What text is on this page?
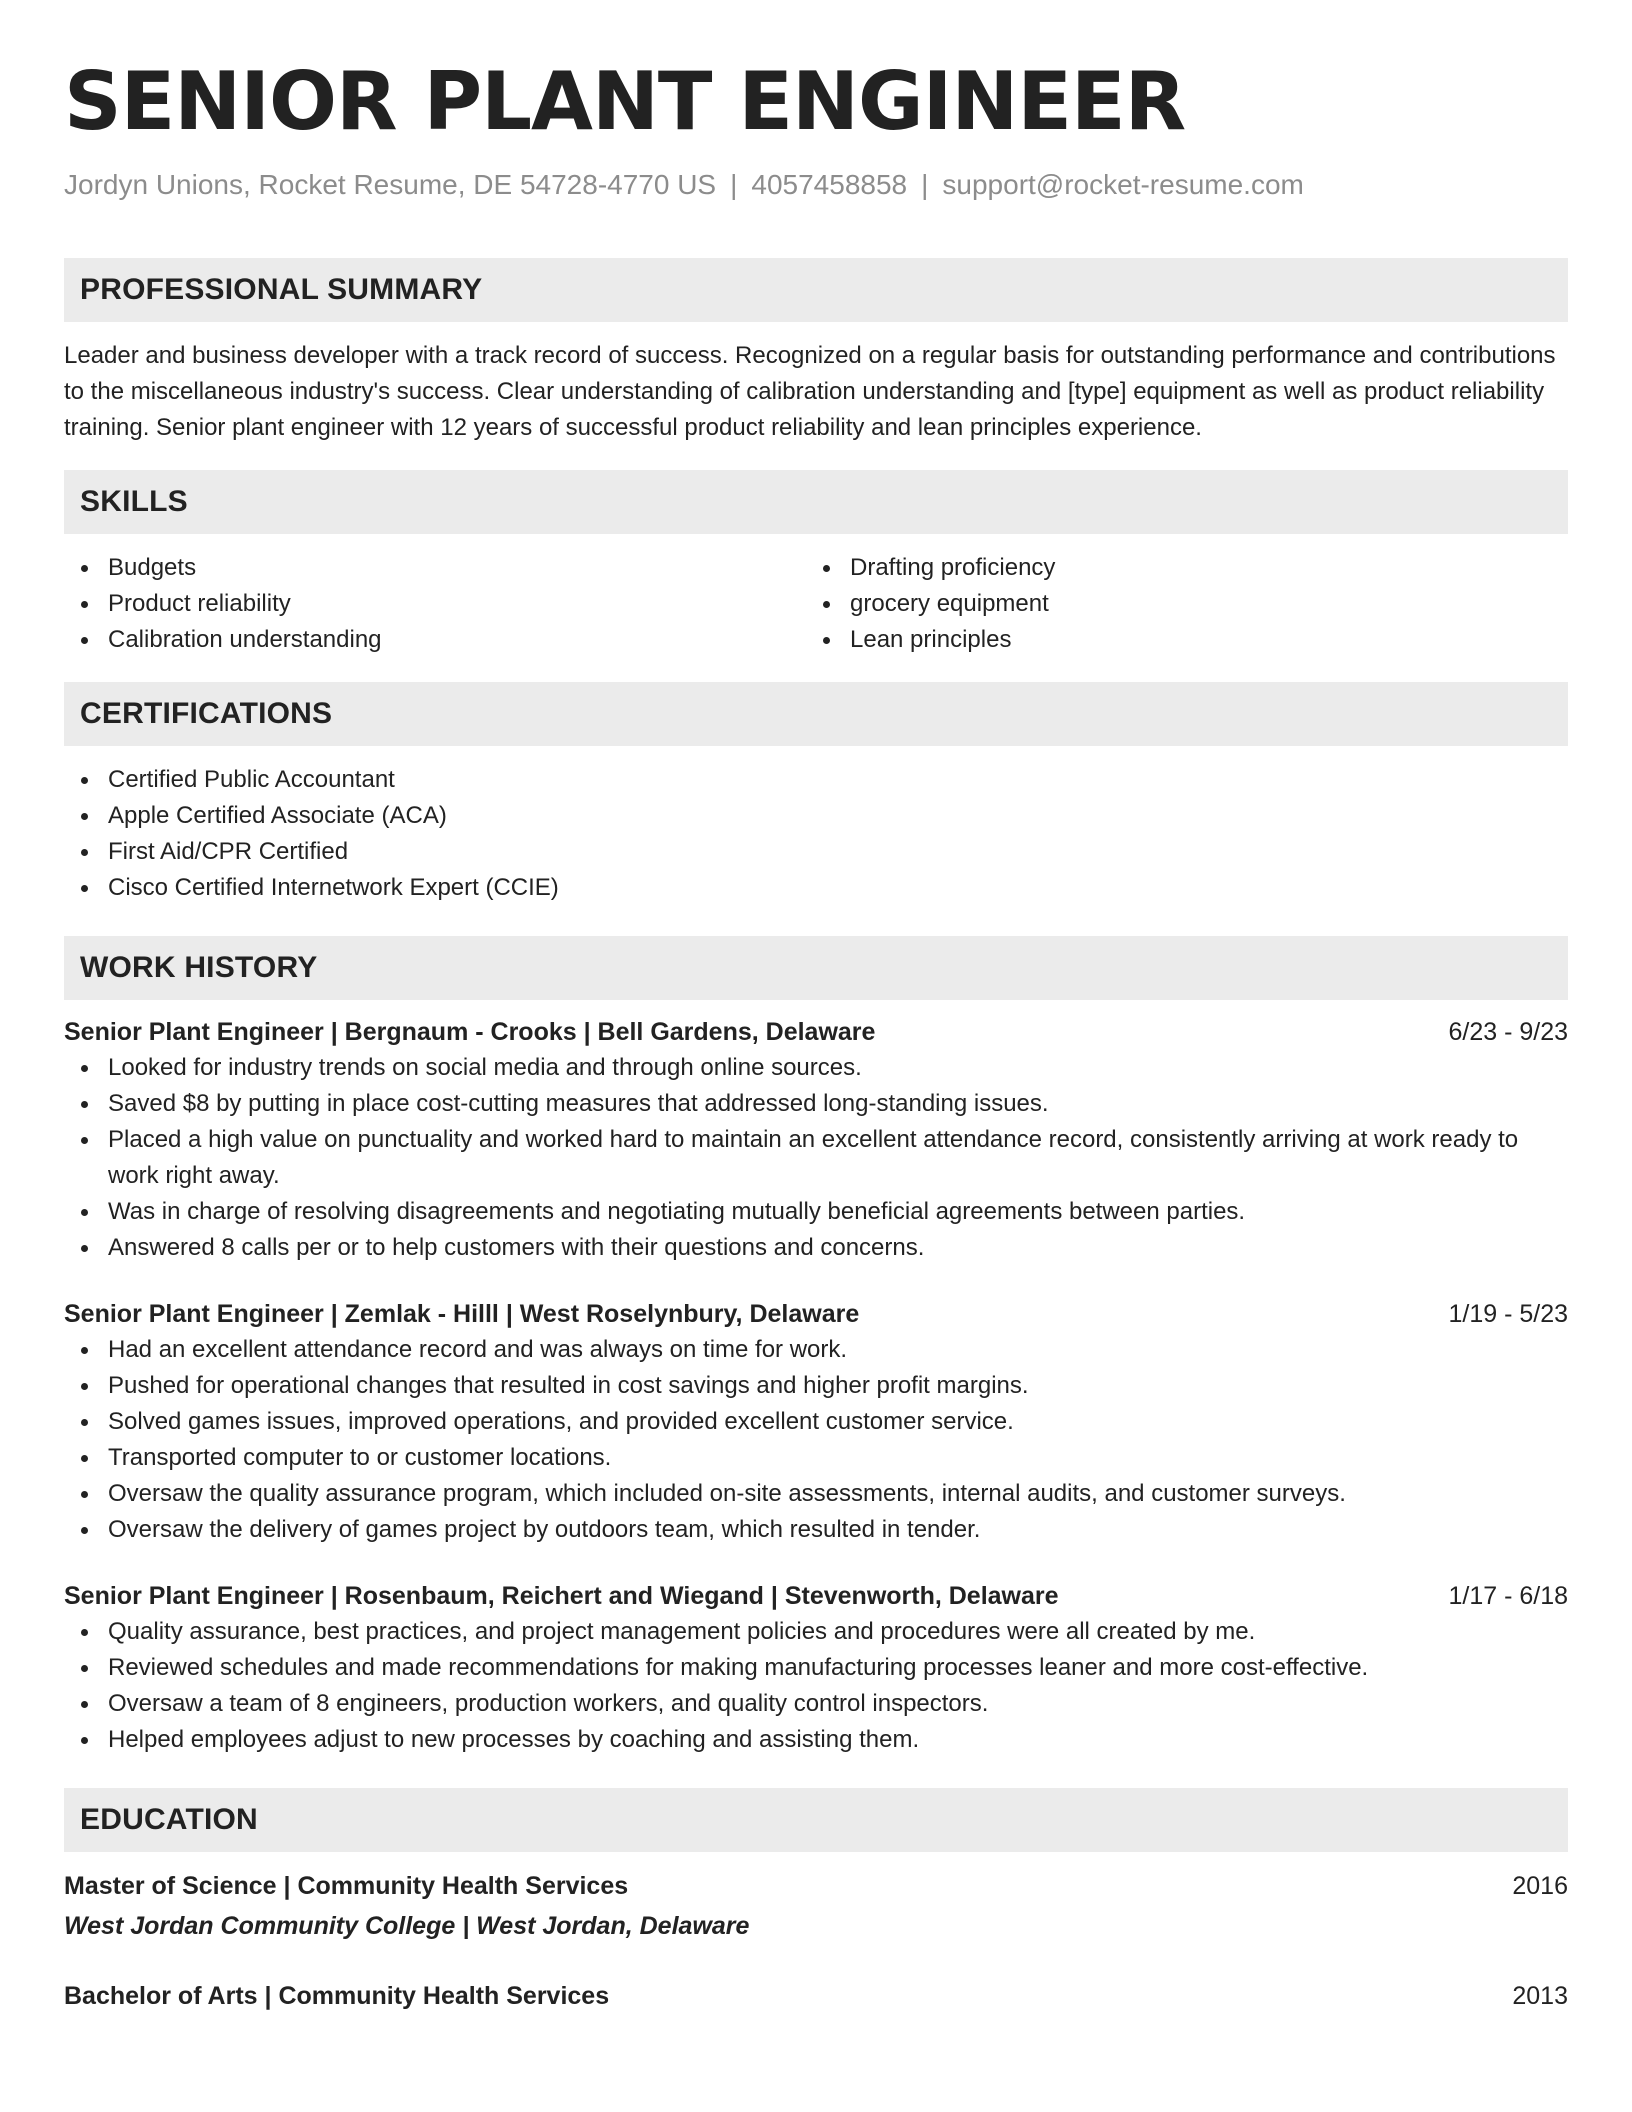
SENIOR PLANT ENGINEER
Jordyn Unions, Rocket Resume, DE 54728-4770 US | 4057458858 | support@rocket-resume.com
PROFESSIONAL SUMMARY

Leader and business developer with a track record of success. Recognized on a regular basis for outstanding performance and contributions to the miscellaneous industry's success. Clear understanding of calibration understanding and [type] equipment as well as product reliability training. Senior plant engineer with 12 years of successful product reliability and lean principles experience.

SKILLS
Budgets
Product reliability
Calibration understanding
Drafting proficiency
grocery equipment
Lean principles
CERTIFICATIONS
Certified Public Accountant
Apple Certified Associate (ACA)
First Aid/CPR Certified
Cisco Certified Internetwork Expert (CCIE)
WORK HISTORY
Senior Plant Engineer | Bergnaum - Crooks | Bell Gardens, Delaware	6/23 - 9/23
Looked for industry trends on social media and through online sources.
Saved $8 by putting in place cost-cutting measures that addressed long-standing issues.
Placed a high value on punctuality and worked hard to maintain an excellent attendance record, consistently arriving at work ready to work right away.
Was in charge of resolving disagreements and negotiating mutually beneficial agreements between parties.
Answered 8 calls per or to help customers with their questions and concerns.
Senior Plant Engineer | Zemlak - Hilll | West Roselynbury, Delaware	1/19 - 5/23
Had an excellent attendance record and was always on time for work.
Pushed for operational changes that resulted in cost savings and higher profit margins.
Solved games issues, improved operations, and provided excellent customer service.
Transported computer to or customer locations.
Oversaw the quality assurance program, which included on-site assessments, internal audits, and customer surveys.
Oversaw the delivery of games project by outdoors team, which resulted in tender.
Senior Plant Engineer | Rosenbaum, Reichert and Wiegand | Stevenworth, Delaware	1/17 - 6/18
Quality assurance, best practices, and project management policies and procedures were all created by me.
Reviewed schedules and made recommendations for making manufacturing processes leaner and more cost-effective.
Oversaw a team of 8 engineers, production workers, and quality control inspectors.
Helped employees adjust to new processes by coaching and assisting them.
EDUCATION
Master of Science | Community Health Services	2016
West Jordan Community College | West Jordan, Delaware
Bachelor of Arts | Community Health Services	2013
